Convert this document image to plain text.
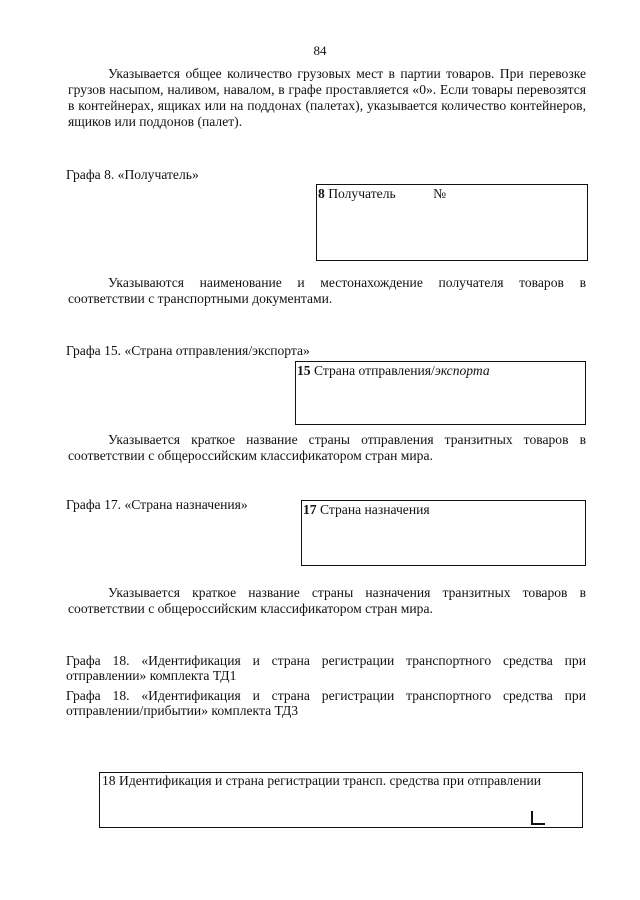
84
Указывается общее количество грузовых мест в партии товаров. При перевозке грузов насыпом, наливом, навалом, в графе проставляется «0». Если товары перевозятся в контейнерах, ящиках или на поддонах (палетах), указывается количество контейнеров, ящиков или поддонов (палет).
Графа 8. «Получатель»
8 Получатель	№
Указываются наименование и местонахождение получателя товаров в соответствии с транспортными документами.
Графа 15. «Страна отправления/экспорта»
15 Страна отправления/экспорта
Указывается краткое название страны отправления транзитных товаров в соответствии с общероссийским классификатором стран мира.
Графа 17. «Страна назначения»	17 Страна назначения
Указывается краткое название страны назначения транзитных товаров в соответствии с общероссийским классификатором стран мира.
Графа 18. «Идентификация и страна регистрации транспортного средства при отправлении» комплекта ТД1
Графа 18. «Идентификация и страна регистрации транспортного средства при отправлении/прибытии» комплекта ТД3
18 Идентификация и страна регистрации трансп. средства при отправлении
